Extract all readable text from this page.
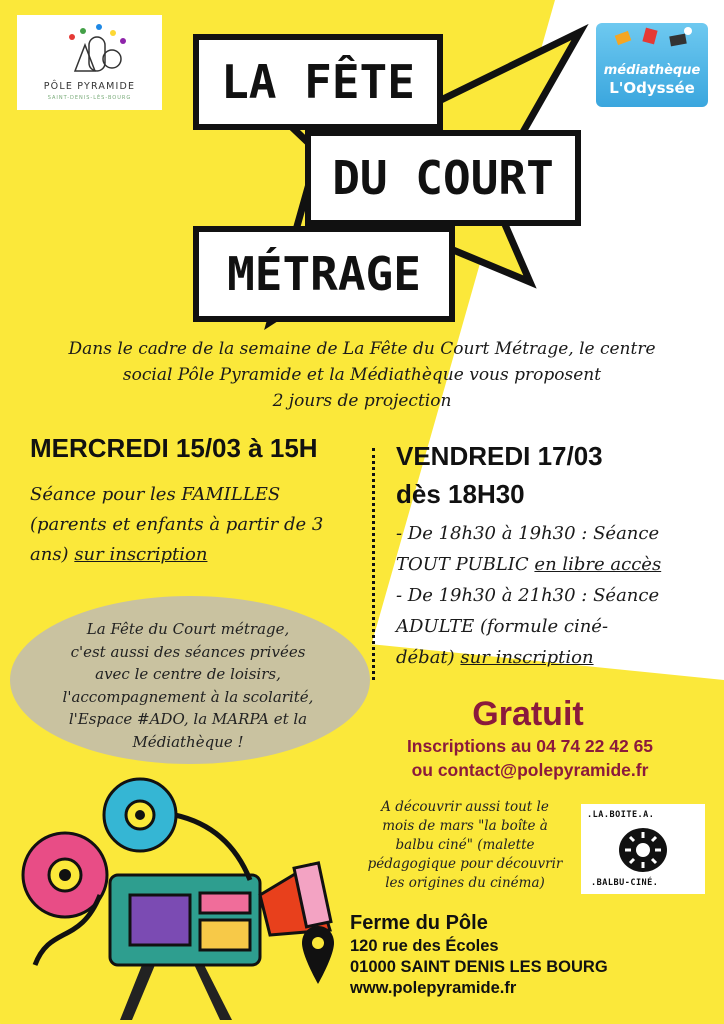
PÔLE PYRAMIDE
SAINT-DENIS-LÈS-BOURG
médiathèque
L'Odyssée
LA FÊTE
DU COURT
MÉTRAGE
Dans le cadre de la semaine de La Fête du Court Métrage, le centre
social Pôle Pyramide et la Médiathèque vous proposent
2 jours de projection
MERCREDI 15/03 à 15H
Séance pour les FAMILLES
(parents et enfants à partir de 3
ans) sur inscription
VENDREDI 17/03
dès 18H30
- De 18h30 à 19h30 : Séance
TOUT PUBLIC en libre accès
- De 19h30 à 21h30 : Séance
ADULTE (formule ciné-
débat) sur inscription
La Fête du Court métrage,
c'est aussi des séances privées
avec le centre de loisirs,
l'accompagnement à la scolarité,
l'Espace #ADO, la MARPA et la
Médiathèque !
Gratuit
Inscriptions au 04 74 22 42 65
ou contact@polepyramide.fr
A découvrir aussi tout le
mois de mars "la boîte à
balbu ciné" (malette
pédagogique pour découvrir
les origines du cinéma)
.LA.BOITE.A.
.BALBU-CINÉ.
Ferme du Pôle
120 rue des Écoles
01000 SAINT DENIS LES BOURG
www.polepyramide.fr
